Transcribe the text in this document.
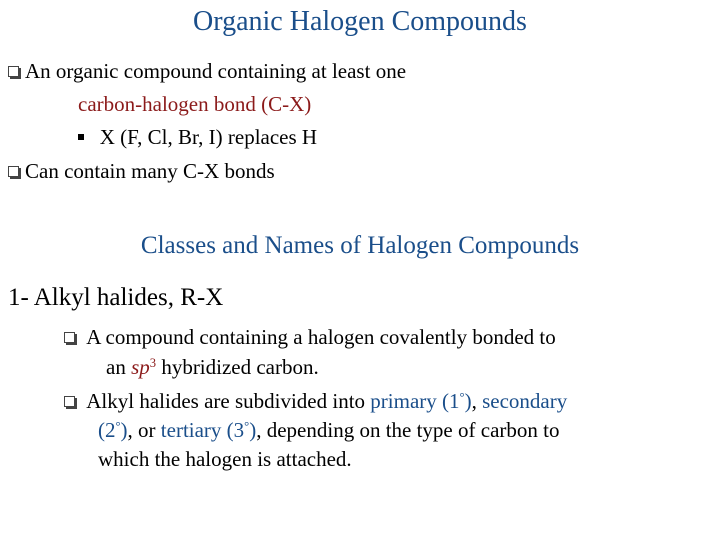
Organic Halogen Compounds
An organic compound containing at least one
carbon-halogen bond (C-X)
X (F, Cl, Br, I) replaces H
Can contain many C-X bonds
Classes and Names of Halogen Compounds
1- Alkyl halides, R-X
A compound containing a halogen covalently bonded to
an $sp^3$ hybridized carbon.
Alkyl halides are subdivided into primary (1°), secondary
(2°), or tertiary (3°), depending on the type of carbon to
which the halogen is attached.
